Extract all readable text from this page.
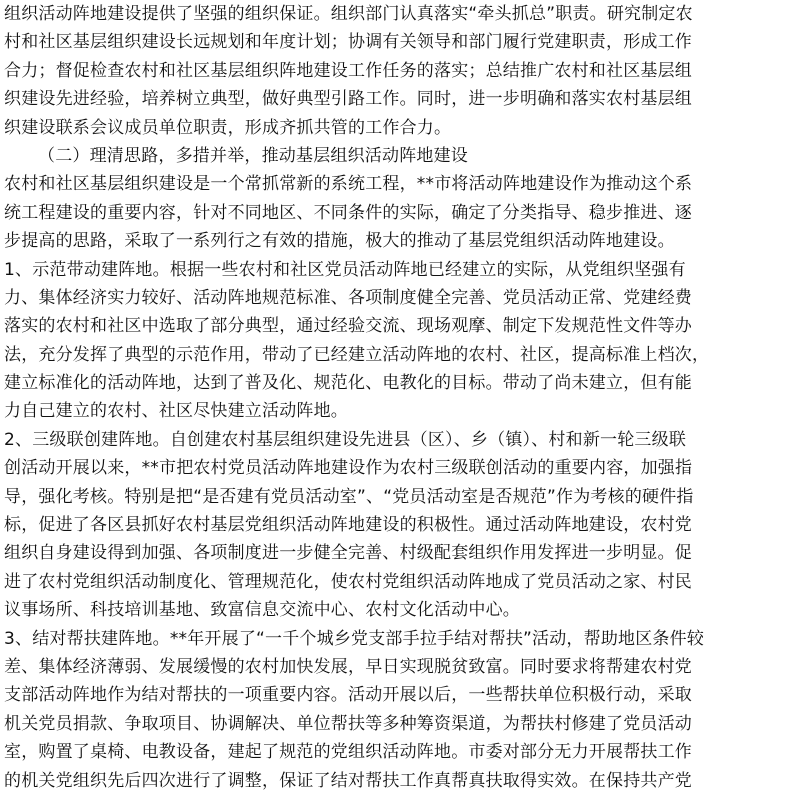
组织活动阵地建设提供了坚强的组织保证。组织部门认真落实“牵头抓总”职责。研究制定农
村和社区基层组织建设长远规划和年度计划；协调有关领导和部门履行党建职责，形成工作
合力；督促检查农村和社区基层组织阵地建设工作任务的落实；总结推广农村和社区基层组
织建设先进经验，培养树立典型，做好典型引路工作。同时，进一步明确和落实农村基层组
织建设联系会议成员单位职责，形成齐抓共管的工作合力。
（二）理清思路，多措并举，推动基层组织活动阵地建设
农村和社区基层组织建设是一个常抓常新的系统工程，**市将活动阵地建设作为推动这个系
统工程建设的重要内容，针对不同地区、不同条件的实际，确定了分类指导、稳步推进、逐
步提高的思路，采取了一系列行之有效的措施，极大的推动了基层党组织活动阵地建设。
1、示范带动建阵地。根据一些农村和社区党员活动阵地已经建立的实际，从党组织坚强有
力、集体经济实力较好、活动阵地规范标准、各项制度健全完善、党员活动正常、党建经费
落实的农村和社区中选取了部分典型，通过经验交流、现场观摩、制定下发规范性文件等办
法，充分发挥了典型的示范作用，带动了已经建立活动阵地的农村、社区，提高标准上档次，
建立标准化的活动阵地，达到了普及化、规范化、电教化的目标。带动了尚未建立，但有能
力自己建立的农村、社区尽快建立活动阵地。
2、三级联创建阵地。自创建农村基层组织建设先进县（区）、乡（镇）、村和新一轮三级联
创活动开展以来，**市把农村党员活动阵地建设作为农村三级联创活动的重要内容，加强指
导，强化考核。特别是把“是否建有党员活动室”、“党员活动室是否规范”作为考核的硬件指
标，促进了各区县抓好农村基层党组织活动阵地建设的积极性。通过活动阵地建设，农村党
组织自身建设得到加强、各项制度进一步健全完善、村级配套组织作用发挥进一步明显。促
进了农村党组织活动制度化、管理规范化，使农村党组织活动阵地成了党员活动之家、村民
议事场所、科技培训基地、致富信息交流中心、农村文化活动中心。
3、结对帮扶建阵地。**年开展了“一千个城乡党支部手拉手结对帮扶”活动，帮助地区条件较
差、集体经济薄弱、发展缓慢的农村加快发展，早日实现脱贫致富。同时要求将帮建农村党
支部活动阵地作为结对帮扶的一项重要内容。活动开展以后，一些帮扶单位积极行动，采取
机关党员捐款、争取项目、协调解决、单位帮扶等多种筹资渠道，为帮扶村修建了党员活动
室，购置了桌椅、电教设备，建起了规范的党组织活动阵地。市委对部分无力开展帮扶工作
的机关党组织先后四次进行了调整，保证了结对帮扶工作真帮真扶取得实效。在保持共产党
